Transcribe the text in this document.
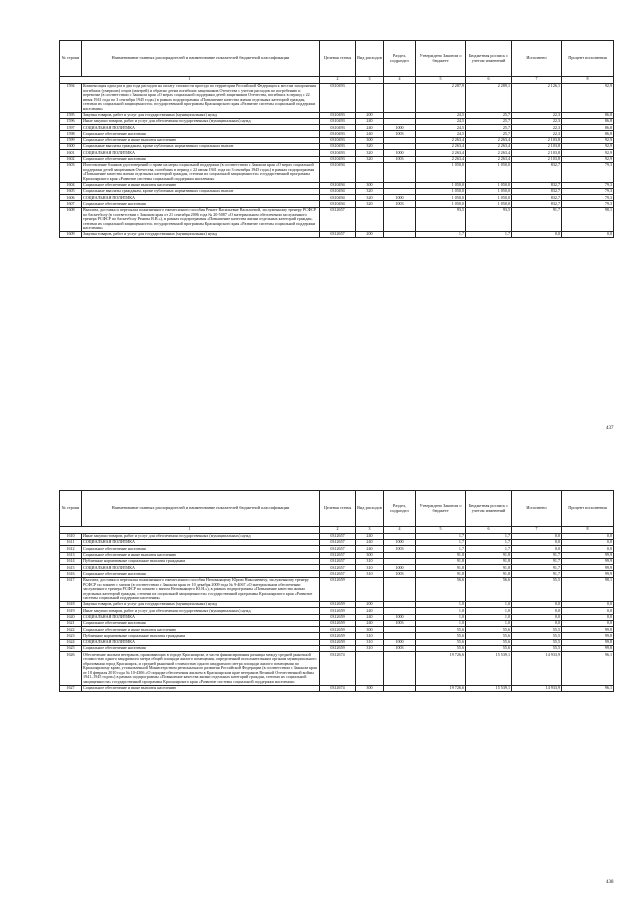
№ строки	Наименование главных распорядителей и наименование показателей бюджетной классификации	Целевая статья	Вид расходов	Раздел, подраздел	Утверждено Законом о бюджете	Бюджетная роспись с учетом изменений	Исполнено	Процент исполнения
1		2	3	4	5	6	7	8
1594	Компенсация один раз в два года расходов на оплату стоимости проезда по территории Российской Федерации к местам захоронения погибших (умерших) отцов (матерей) и обратно детям погибших защитников Отечества с учетом расходов по погребению и перевозке (в соответствии с Законом края «О мерах социальной поддержки детей защитников Отечества, погибших в период с 22 июня 1941 года по 3 сентября 1945 года») в рамках подпрограммы «Повышение качества жизни отдельных категорий граждан, степени их социальной защищенности» государственной программы Красноярского края «Развитие системы социальной поддержки населения»	0310493			2 287,9	2 289,1	2 126,1	92,9
1595	Закупка товаров, работ и услуг для государственных (муниципальных) нужд	0310493	200		24,5	25,7	22,3	86,8
1596	Иные закупки товаров, работ и услуг для обеспечения государственных (муниципальных) нужд	0310493	240		24,5	25,7	22,3	86,8
1597	СОЦИАЛЬНАЯ ПОЛИТИКА	0310493	240	1000	24,5	25,7	22,3	86,8
1598	Социальное обеспечение населения	0310493	240	1003	24,5	25,7	22,3	86,8
1599	Социальное обеспечение и иные выплаты населению	0310493	300		2 263,4	2 263,4	2 103,8	92,9
1600	Социальные выплаты гражданам, кроме публичных нормативных социальных выплат	0310493	320		2 263,4	2 263,4	2 103,8	92,9
1601	СОЦИАЛЬНАЯ ПОЛИТИКА	0310493	320	1000	2 263,4	2 263,4	2 103,8	92,9
1602	Социальное обеспечение населения	0310493	320	1003	2 263,4	2 263,4	2 103,8	92,9
1603	Изготовление бланков удостоверений о праве на меры социальной поддержки (в соответствии с Законом края «О мерах социальной поддержки детей защитников Отечества, погибших в период с 22 июня 1941 года по 3 сентября 1945 года») в рамках подпрограммы «Повышение качества жизни отдельных категорий граждан, степени их социальной защищенности» государственной программы Красноярского края «Развитие системы социальной поддержки населения»	0310494			1 050,0	1 050,0	832,7	79,3
1604	Социальное обеспечение и иные выплаты населению	0310494	300		1 050,0	1 050,0	832,7	79,3
1605	Социальные выплаты гражданам, кроме публичных нормативных социальных выплат	0310494	320		1 050,0	1 050,0	832,7	79,3
1606	СОЦИАЛЬНАЯ ПОЛИТИКА	0310494	320	1000	1 050,0	1 050,0	832,7	79,3
1607	Социальное обеспечение населения	0310494	320	1003	1 050,0	1 050,0	832,7	79,3
1608	Выплата, доставка и пересылка пожизненного ежемесячного пособия Ренате Васильевне Васильевой, заслуженному тренеру РСФСР по баскетболу (в соответствии с Законом края от 21 сентября 2006 года № 20-5087 «О материальном обеспечении заслуженного тренера РСФСР по баскетболу Ренаты В.В.»), в рамках подпрограммы «Повышение качества жизни отдельных категорий граждан, степени их социальной защищенности» государственной программы Красноярского края «Развитие системы социальной поддержки населения»	0312657			93,5	93,5	91,7	98,1
1609	Закупка товаров, работ и услуг для государственных (муниципальных) нужд	0312657	200		1,7	1,7	0,0	0,0
437
№ строки	Наименование главных распорядителей и наименование показателей бюджетной классификации	Целевая статья	Вид расходов	Раздел, подраздел	Утверждено Законом о бюджете	Бюджетная роспись с учетом изменений	Исполнено	Процент исполнения
1		2	3	4	5	6	7	8
1610	Иные закупки товаров, работ и услуг для обеспечения государственных (муниципальных) нужд	0312657	240		1,7	1,7	0,0	0,0
1611	СОЦИАЛЬНАЯ ПОЛИТИКА	0312657	240	1000	1,7	1,7	0,0	0,0
1612	Социальное обеспечение населения	0312657	240	1003	1,7	1,7	0,0	0,0
1613	Социальное обеспечение и иные выплаты населению	0312657	300		91,8	91,8	91,7	99,9
1614	Публичные нормативные социальные выплаты гражданам	0312657	310		91,8	91,8	91,7	99,9
1615	СОЦИАЛЬНАЯ ПОЛИТИКА	0312657	310	1000	91,8	91,8	91,7	99,9
1616	Социальное обеспечение населения	0312657	310	1003	91,8	91,8	91,7	99,9
1617	Выплата, доставка и пересылка пожизненного ежемесячного пособия Непомнящему Юрию Николаевичу, заслуженному тренеру РСФСР по хоккею с мячом (в соответствии с Законом края от 10 декабря 2009 года № 9-4067 «О материальном обеспечении заслуженного тренера РСФСР по хоккею с мячом Непомнящего Ю.Н.»), в рамках подпрограммы «Повышение качества жизни отдельных категорий граждан, степени их социальной защищенности» государственной программы Красноярского края «Развитие системы социальной поддержки населения»	0312659			56,6	56,6	55,5	98,1
1618	Закупка товаров, работ и услуг для государственных (муниципальных) нужд	0312659	200		1,0	1,0	0,0	0,0
1619	Иные закупки товаров, работ и услуг для обеспечения государственных (муниципальных) нужд	0312659	240		1,0	1,0	0,0	0,0
1620	СОЦИАЛЬНАЯ ПОЛИТИКА	0312659	240	1000	1,0	1,0	0,0	0,0
1621	Социальное обеспечение населения	0312659	240	1003	1,0	1,0	0,0	0,0
1622	Социальное обеспечение и иные выплаты населению	0312659	300		55,6	55,6	55,5	99,8
1623	Публичные нормативные социальные выплаты гражданам	0312659	310		55,6	55,6	55,5	99,8
1624	СОЦИАЛЬНАЯ ПОЛИТИКА	0312659	310	1000	55,6	55,6	55,5	99,8
1625	Социальное обеспечение населения	0312659	310	1003	55,6	55,6	55,5	99,8
1626	Обеспечение жильем ветеранов, проживающих в городе Красноярске, в части финансирования разницы между средней рыночной стоимостью одного квадратного метра общей площади жилого помещения, определенной исполнительным органом муниципального образования город Красноярск, и средней рыночной стоимостью одного квадратного метра площади жилого помещения по Красноярскому краю, установленной Министерством регионального развития Российской Федерации (в соответствии с Законом края от 18 февраля 2010 года № 10-4306 «О порядке обеспечения жильем в Красноярском крае ветеранов Великой Отечественной войны 1941–1945 годов») в рамках подпрограммы «Повышение качества жизни отдельных категорий граждан, степени их социальной защищенности» государственной программы Красноярского края «Развитие системы социальной поддержки населения»	0312674			19 726,6	15 539,1	14 933,9	96,1
1627	Социальное обеспечение и иные выплаты населению	0312674	300		19 726,6	15 539,1	14 933,9	96,1
438
